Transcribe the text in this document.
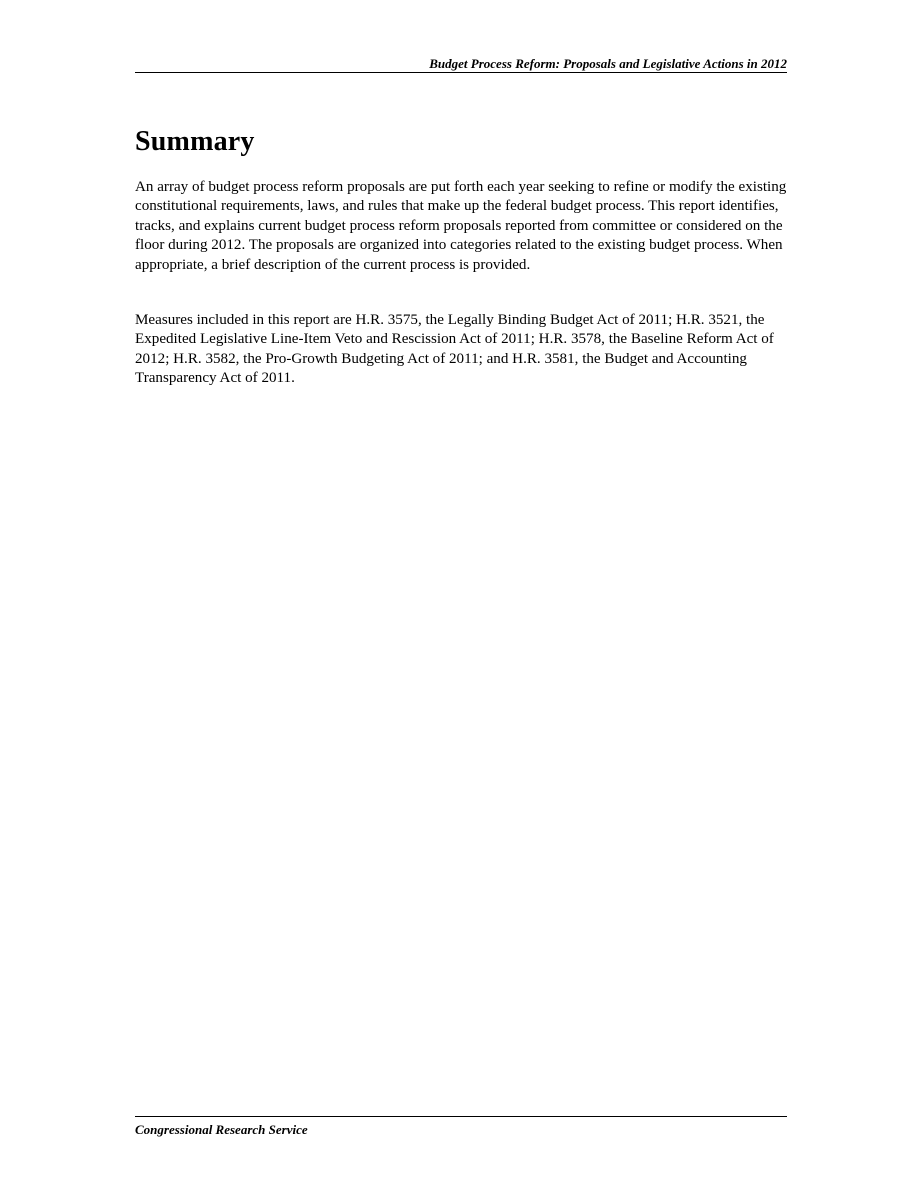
Budget Process Reform: Proposals and Legislative Actions in 2012
Summary

An array of budget process reform proposals are put forth each year seeking to refine or modify the existing constitutional requirements, laws, and rules that make up the federal budget process. This report identifies, tracks, and explains current budget process reform proposals reported from committee or considered on the floor during 2012. The proposals are organized into categories related to the existing budget process. When appropriate, a brief description of the current process is provided.

Measures included in this report are H.R. 3575, the Legally Binding Budget Act of 2011; H.R. 3521, the Expedited Legislative Line-Item Veto and Rescission Act of 2011; H.R. 3578, the Baseline Reform Act of 2012; H.R. 3582, the Pro-Growth Budgeting Act of 2011; and H.R. 3581, the Budget and Accounting Transparency Act of 2011.

Congressional Research Service
